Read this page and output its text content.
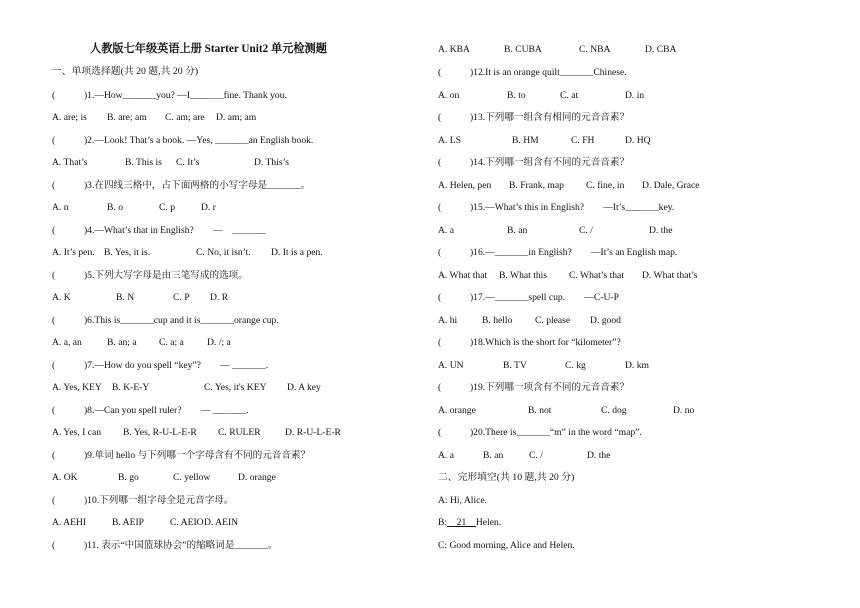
人教版七年级英语上册 Starter Unit2 单元检测题
一、单项选择题(共 20 题,共 20 分)
(　　　)1.—How_______you? —I_______fine. Thank you.
A. are; is B. are; am C. am; are D. am; am
(　　　)2.—Look! That’s a book. —Yes, _______an English book.
A. That’s	B. This is C. It’s	D. This’s
(　　　)3.在四线三格中，占下面两格的小写字母是_______。
A. n	B. o	C. p	D. r
(　　　)4.—What’s that in English?　　—　_______
A. It’s pen. B. Yes, it is.	C. No, it isn’t. D. It is a pen.
(　　　)5.下列大写字母是由三笔写成的选项。
A. K	B. N	C. P D. R
(　　　)6.This is_______cup and it is_______orange cup.
A. a, an	B. an; a C. a; a D. /; a
(　　　)7.—How do you spell “key”?　　— _______.
A. Yes, KEY B. K-E-Y	C. Yes, it's KEY D. A key
(　　　)8.—Can you spell ruler?　　— _______.
A. Yes, I can B. Yes, R-U-L-E-R C. RULER	D. R-U-L-E-R
(　　　)9.单词 hello 与下列哪一个字母含有不同的元音音素？
A. OK	B. go	C. yellow	D. orange
(　　　)10.下列哪一组字母全是元音字母。
A. AEHI	B. AEIP	C. AEIO D. AEIN
(　　　)11. 表示“中国篮球协会”的缩略词是_______。
A. KBA	B. CUBA	C. NBA	D. CBA
(　　　)12.It is an orange quilt_______Chinese.
A. on	B. to	C. at	D. in
(　　　)13.下列哪一组含有相同的元音音素？
A. LS	B. HM	C. FH	D. HQ
(　　　)14.下列哪一组含有不同的元音音素？
A. Helen, pen B. Frank, map C. fine, in D. Dale, Grace
(　　　)15.—What’s this in English?　　—It’s_______key.
A. a	B. an	C. /	D. the
(　　　)16.—_______in English?　　—It’s an English map.
A. What that B. What this C. What’s that D. What that’s
(　　　)17.—_______spell cup.　　—C-U-P
A. hi	B. hello C. please D. good
(　　　)18.Which is the short for “kilometer”?
A. UN	B. TV	C. kg	D. km
(　　　)19.下列哪一项含有不同的元音音素？
A. orange	B. not	C. dog	D. no
(　　　)20.There is_______“m” in the word “map”.
A. a	B. an	C. /	D. the
二、完形填空(共 10 题,共 20 分)
A: Hi, Alice.
B:　21　Helen.
C: Good morning, Alice and Helen.
